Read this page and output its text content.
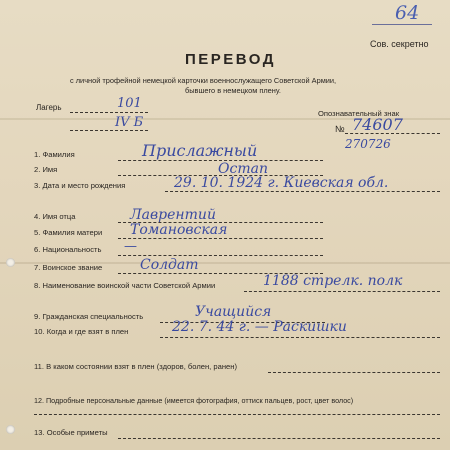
64
Сов. секретно
ПЕРЕВОД
с личной трофейной немецкой карточки военнослужащего Советской Армии,
бывшего в немецком плену.
Лагерь	101
IV Б
Опознавательный знак
№ 74607
270726
1. Фамилия	Прислажный
2. Имя	Остап
3. Дата и место рождения	29. 10. 1924 г. Киевская обл.
4. Имя отца	Лаврентий
5. Фамилия матери Томановская
6. Национальность —
7. Воинское звание	Солдат
8. Наименование воинской части Советской Армии	1188 стрелк. полк
9. Гражданская специальность	Учащийся
10. Когда и где взят в плен	22. 7. 44 г. — Раскишки
11. В каком состоянии взят в плен (здоров, болен, ранен)
12. Подробные персональные данные (имеется фотография, оттиск пальцев, рост, цвет волос)
13. Особые приметы
